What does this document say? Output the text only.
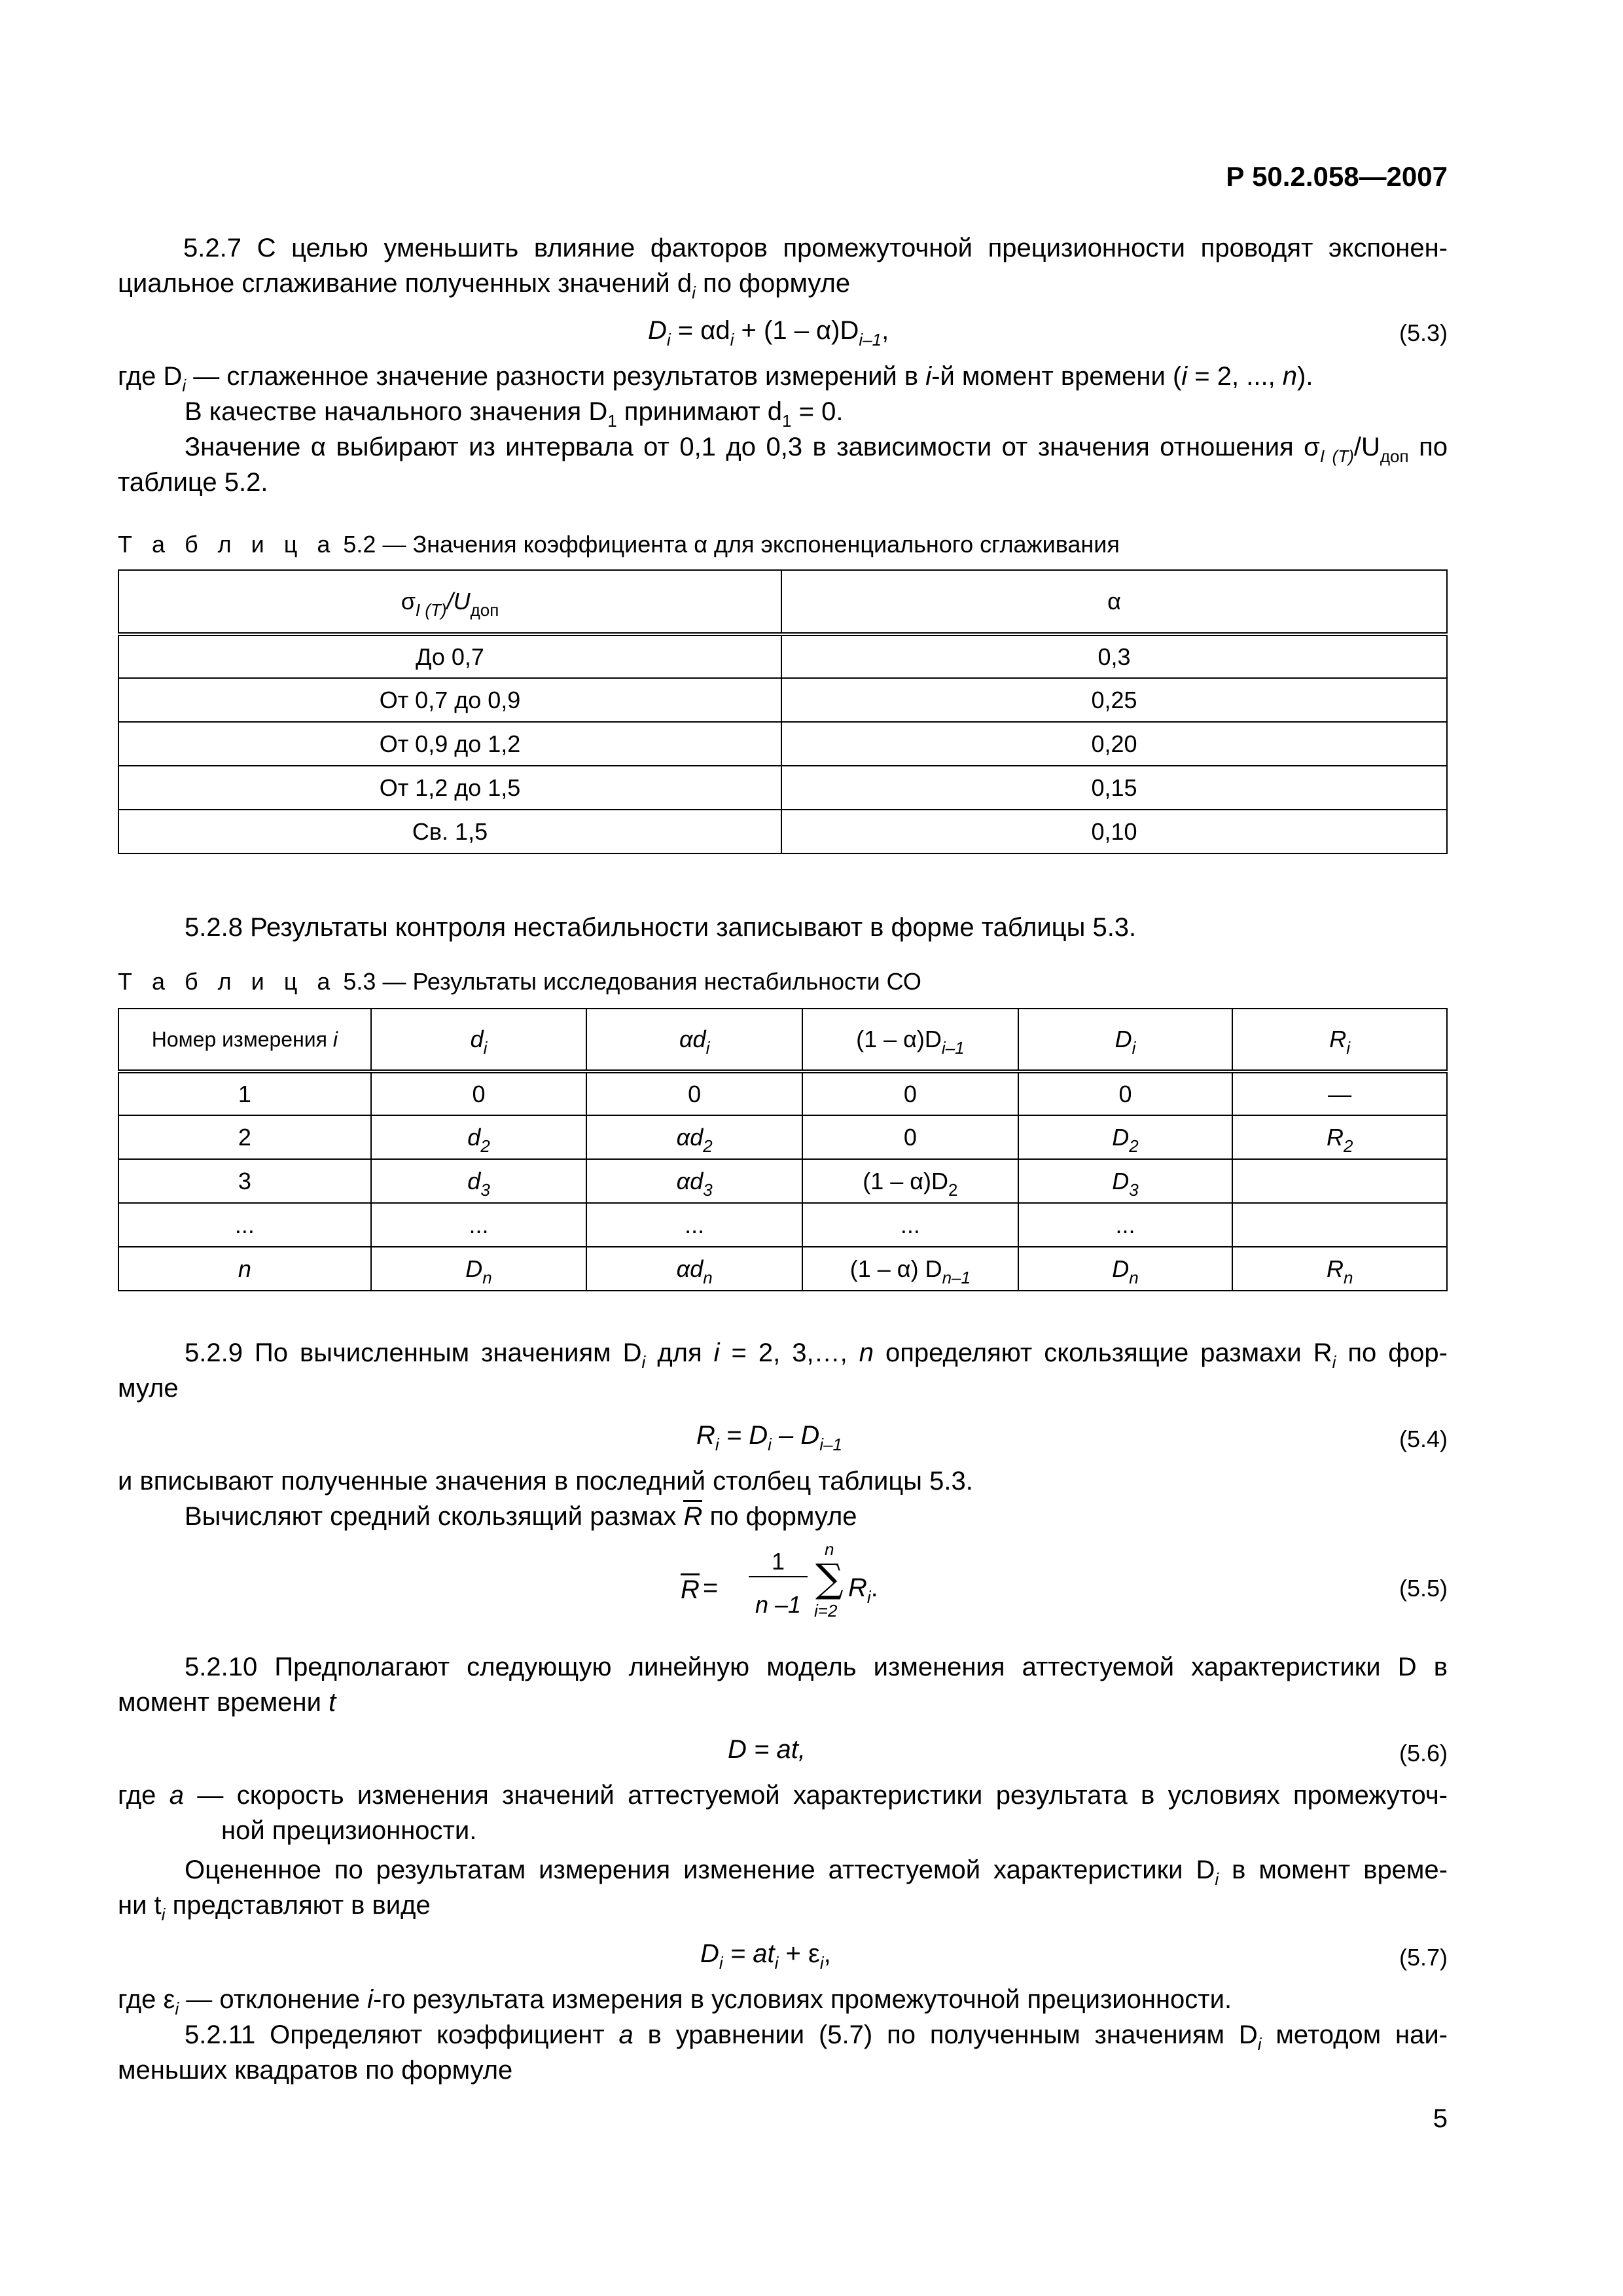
Р 50.2.058—2007
5.2.7 С целью уменьшить влияние факторов промежуточной прецизионности проводят экспонен-
циальное сглаживание полученных значений $d_i$ по формуле
$D_i = \alpha d_i + (1 - \alpha)D_{i-1}$,	(5.3)
где $D_i$ — сглаженное значение разности результатов измерений в i-й момент времени (i = 2, ..., n).
В качестве начального значения $D_1$ принимают $d_1 = 0$.
Значение α выбирают из интервала от 0,1 до 0,3 в зависимости от значения отношения $\sigma_{I (T)}/U_{доп}$ по
таблице 5.2.
Т а б л и ц а 5.2 — Значения коэффициента α для экспоненциального сглаживания
$\sigma_{I (T)}/U_{доп}$	α
До 0,7	0,3
От 0,7 до 0,9	0,25
От 0,9 до 1,2	0,20
От 1,2 до 1,5	0,15
Св. 1,5	0,10
5.2.8 Результаты контроля нестабильности записывают в форме таблицы 5.3.
Т а б л и ц а 5.3 — Результаты исследования нестабильности СО
Номер измерения i	$d_i$	$\alpha d_i$	$(1 - \alpha)D_{i-1}$	$D_i$	$R_i$
1	0	0	0	0	—
2	$d_2$	$\alpha d_2$	0	$D_2$	$R_2$
3	$d_3$	$\alpha d_3$	$(1 - \alpha)D_2$	$D_3$	
...	...	...	...	...	
n	$D_n$	$\alpha d_n$	(1 – α) $D_{n-1}$	$D_n$	$R_n$
5.2.9 По вычисленным значениям $D_i$ для i = 2, 3,…, n определяют скользящие размахи $R_i$ по фор-
муле
$R_i = D_i - D_{i-1}$	(5.4)
и вписывают полученные значения в последний столбец таблицы 5.3.
Вычисляют средний скользящий размах R по формуле
R =
1
n –1
n
∑
i=2
$R_i$.	(5.5)
5.2.10 Предполагают следующую линейную модель изменения аттестуемой характеристики D в
момент времени t
D = at,	(5.6)
где a — скорость изменения значений аттестуемой характеристики результата в условиях промежуточ-
ной прецизионности.
Оцененное по результатам измерения изменение аттестуемой характеристики $D_i$ в момент време-
ни $t_i$ представляют в виде
$D_i = at_i + \varepsilon_i$,	(5.7)
где $\varepsilon_i$ — отклонение i-го результата измерения в условиях промежуточной прецизионности.
5.2.11 Определяют коэффициент a в уравнении (5.7) по полученным значениям $D_i$ методом наи-
меньших квадратов по формуле
5
